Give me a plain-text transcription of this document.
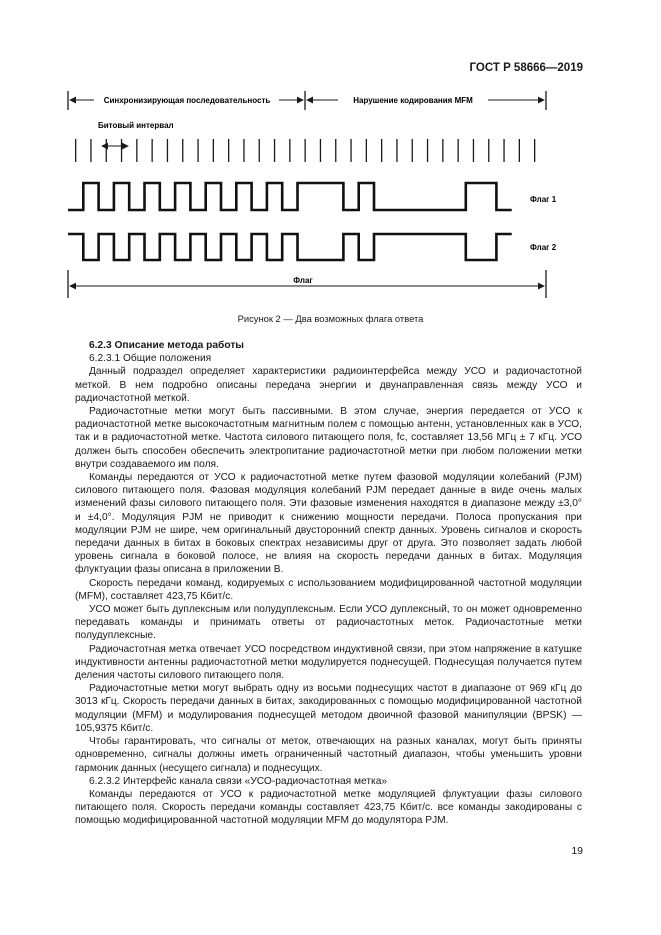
ГОСТ Р 58666—2019
Синхронизирующая последовательность	Нарушение кодирования MFM
Битовый интервал
Флаг 1
Флаг 2
Флаг
Рисунок 2 — Два возможных флага ответа

6.2.3 Описание метода работы

6.2.3.1 Общие положения

Данный подраздел определяет характеристики радиоинтерфейса между УСО и радиочастотной меткой. В нем подробно описаны передача энергии и двунаправленная связь между УСО и радиочастотной меткой.

Радиочастотные метки могут быть пассивными. В этом случае, энергия передается от УСО к радиочастотной метке высокочастотным магнитным полем с помощью антенн, установленных как в УСО, так и в радиочастотной метке. Частота силового питающего поля, fc, составляет 13,56 МГц ± 7 кГц. УСО должен быть способен обеспечить электропитание радиочастотной метки при любом положении метки внутри создаваемого им поля.

Команды передаются от УСО к радиочастотной метке путем фазовой модуляции колебаний (PJM) силового питающего поля. Фазовая модуляция колебаний PJM передает данные в виде очень малых изменений фазы силового питающего поля. Эти фазовые изменения находятся в диапазоне между ±3,0° и ±4,0°. Модуляция PJM не приводит к снижению мощности передачи. Полоса пропускания при модуляции PJM не шире, чем оригинальный двусторонний спектр данных. Уровень сигналов и скорость передачи данных в битах в боковых спектрах независимы друг от друга. Это позволяет задать любой уровень сигнала в боковой полосе, не влияя на скорость передачи данных в битах. Модуляция флуктуации фазы описана в приложении В.

Скорость передачи команд, кодируемых с использованием модифицированной частотной модуляции (MFM), составляет 423,75 Кбит/с.

УСО может быть дуплексным или полудуплексным. Если УСО дуплексный, то он может одновременно передавать команды и принимать ответы от радиочастотных меток. Радиочастотные метки полудуплексные.

Радиочастотная метка отвечает УСО посредством индуктивной связи, при этом напряжение в катушке индуктивности антенны радиочастотной метки модулируется поднесущей. Поднесущая получается путем деления частоты силового питающего поля.

Радиочастотные метки могут выбрать одну из восьми поднесущих частот в диапазоне от 969 кГц до 3013 кГц. Скорость передачи данных в битах, закодированных с помощью модифицированной частотной модуляции (MFM) и модулирования поднесущей методом двоичной фазовой манипуляции (BPSK) — 105,9375 Кбит/с.

Чтобы гарантировать, что сигналы от меток, отвечающих на разных каналах, могут быть приняты одновременно, сигналы должны иметь ограниченный частотный диапазон, чтобы уменьшить уровни гармоник данных (несущего сигнала) и поднесущих.

6.2.3.2 Интерфейс канала связи «УСО-радиочастотная метка»

Команды передаются от УСО к радиочастотной метке модуляцией флуктуации фазы силового питающего поля. Скорость передачи команды составляет 423,75 Кбит/с. все команды закодированы с помощью модифицированной частотной модуляции MFM до модулятора PJM.

19
